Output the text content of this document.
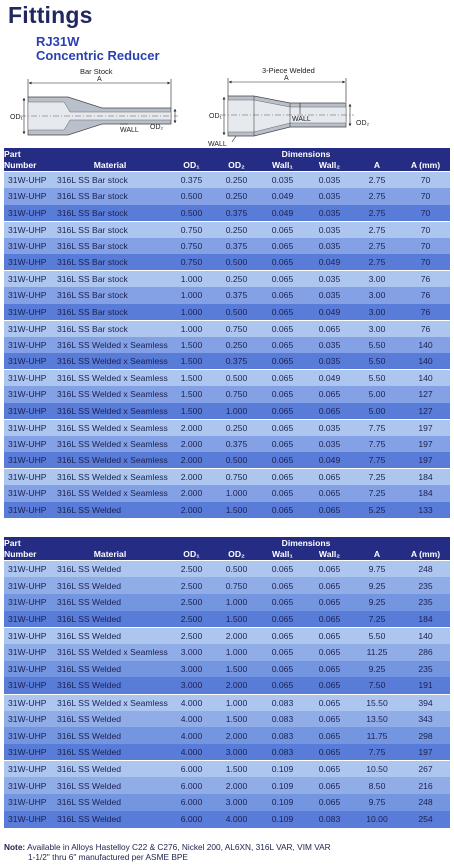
Fittings
RJ31W
Concentric Reducer
Bar Stock
A
OD₁
OD₂
WALL
3-Piece Welded
A
OD₁
OD₂
WALL
WALL
Part				Dimensions			
Number	Material	OD₁	OD₂	Wall₁	Wall₂	A	A (mm)
31W-UHP	316L SS Bar stock	0.375	0.250	0.035	0.035	2.75	70
31W-UHP	316L SS Bar stock	0.500	0.250	0.049	0.035	2.75	70
31W-UHP	316L SS Bar stock	0.500	0.375	0.049	0.035	2.75	70
31W-UHP	316L SS Bar stock	0.750	0.250	0.065	0.035	2.75	70
31W-UHP	316L SS Bar stock	0.750	0.375	0.065	0.035	2.75	70
31W-UHP	316L SS Bar stock	0.750	0.500	0.065	0.049	2.75	70
31W-UHP	316L SS Bar stock	1.000	0.250	0.065	0.035	3.00	76
31W-UHP	316L SS Bar stock	1.000	0.375	0.065	0.035	3.00	76
31W-UHP	316L SS Bar stock	1.000	0.500	0.065	0.049	3.00	76
31W-UHP	316L SS Bar stock	1.000	0.750	0.065	0.065	3.00	76
31W-UHP	316L SS Welded x Seamless	1.500	0.250	0.065	0.035	5.50	140
31W-UHP	316L SS Welded x Seamless	1.500	0.375	0.065	0.035	5.50	140
31W-UHP	316L SS Welded x Seamless	1.500	0.500	0.065	0.049	5.50	140
31W-UHP	316L SS Welded x Seamless	1.500	0.750	0.065	0.065	5.00	127
31W-UHP	316L SS Welded x Seamless	1.500	1.000	0.065	0.065	5.00	127
31W-UHP	316L SS Welded x Seamless	2.000	0.250	0.065	0.035	7.75	197
31W-UHP	316L SS Welded x Seamless	2.000	0.375	0.065	0.035	7.75	197
31W-UHP	316L SS Welded x Seamless	2.000	0.500	0.065	0.049	7.75	197
31W-UHP	316L SS Welded x Seamless	2.000	0.750	0.065	0.065	7.25	184
31W-UHP	316L SS Welded x Seamless	2.000	1.000	0.065	0.065	7.25	184
31W-UHP	316L SS Welded	2.000	1.500	0.065	0.065	5.25	133
Part				Dimensions			
Number	Material	OD₁	OD₂	Wall₁	Wall₂	A	A (mm)
31W-UHP	316L SS Welded	2.500	0.500	0.065	0.065	9.75	248
31W-UHP	316L SS Welded	2.500	0.750	0.065	0.065	9.25	235
31W-UHP	316L SS Welded	2.500	1.000	0.065	0.065	9.25	235
31W-UHP	316L SS Welded	2.500	1.500	0.065	0.065	7.25	184
31W-UHP	316L SS Welded	2.500	2.000	0.065	0.065	5.50	140
31W-UHP	316L SS Welded x Seamless	3.000	1.000	0.065	0.065	11.25	286
31W-UHP	316L SS Welded	3.000	1.500	0.065	0.065	9.25	235
31W-UHP	316L SS Welded	3.000	2.000	0.065	0.065	7.50	191
31W-UHP	316L SS Welded x Seamless	4.000	1.000	0.083	0.065	15.50	394
31W-UHP	316L SS Welded	4.000	1.500	0.083	0.065	13.50	343
31W-UHP	316L SS Welded	4.000	2.000	0.083	0.065	11.75	298
31W-UHP	316L SS Welded	4.000	3.000	0.083	0.065	7.75	197
31W-UHP	316L SS Welded	6.000	1.500	0.109	0.065	10.50	267
31W-UHP	316L SS Welded	6.000	2.000	0.109	0.065	8.50	216
31W-UHP	316L SS Welded	6.000	3.000	0.109	0.065	9.75	248
31W-UHP	316L SS Welded	6.000	4.000	0.109	0.083	10.00	254
Note: Available in Alloys Hastelloy C22 & C276, Nickel 200, AL6XN, 316L VAR, VIM VAR
1-1/2" thru 6" manufactured per ASME BPE
